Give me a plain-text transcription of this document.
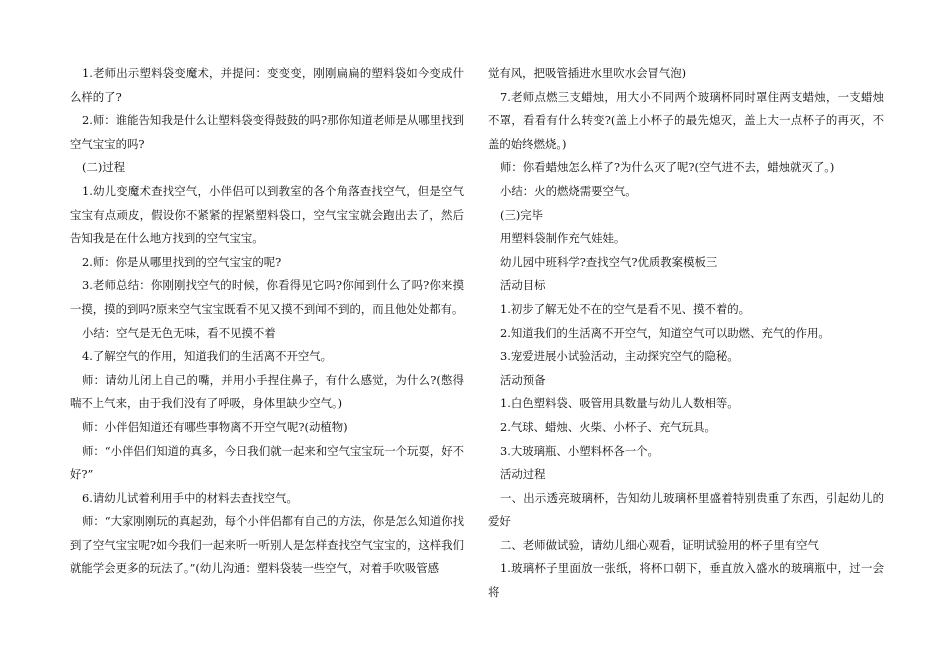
1.老师出示塑料袋变魔术，并提问：变变变，刚刚扁扁的塑料袋如今变成什么样的了?

2.师：谁能告知我是什么让塑料袋变得鼓鼓的吗?那你知道老师是从哪里找到空气宝宝的吗?

(二)过程

1.幼儿变魔术查找空气，小伴侣可以到教室的各个角落查找空气，但是空气宝宝有点顽皮，假设你不紧紧的捏紧塑料袋口，空气宝宝就会跑出去了，然后告知我是在什么地方找到的空气宝宝。

2.师：你是从哪里找到的空气宝宝的呢?

3.老师总结：你刚刚找空气的时候，你看得见它吗?你闻到什么了吗?你来摸一摸，摸的到吗?原来空气宝宝既看不见又摸不到闻不到的，而且他处处都有。

小结：空气是无色无味，看不见摸不着

4.了解空气的作用，知道我们的生活离不开空气。

师：请幼儿闭上自己的嘴，并用小手捏住鼻子，有什么感觉，为什么?(憋得喘不上气来，由于我们没有了呼吸，身体里缺少空气。)

师：小伴侣知道还有哪些事物离不开空气呢?(动植物)

师：“小伴侣们知道的真多，今日我们就一起来和空气宝宝玩一个玩耍，好不好?”

6.请幼儿试着利用手中的材料去查找空气。

师：“大家刚刚玩的真起劲，每个小伴侣都有自己的方法，你是怎么知道你找到了空气宝宝呢?如今我们一起来听一听别人是怎样查找空气宝宝的，这样我们就能学会更多的玩法了。”(幼儿沟通：塑料袋装一些空气，对着手吹吸管感

觉有风，把吸管插进水里吹水会冒气泡)

7.老师点燃三支蜡烛，用大小不同两个玻璃杯同时罩住两支蜡烛，一支蜡烛不罩，看看有什么转变?(盖上小杯子的最先熄灭，盖上大一点杯子的再灭，不盖的始终燃烧。)

师：你看蜡烛怎么样了?为什么灭了呢?(空气进不去，蜡烛就灭了。)

小结：火的燃烧需要空气。

(三)完毕

用塑料袋制作充气娃娃。

幼儿园中班科学?查找空气?优质教案模板三

活动目标

1.初步了解无处不在的空气是看不见、摸不着的。

2.知道我们的生活离不开空气，知道空气可以助燃、充气的作用。

3.宠爱进展小试验活动，主动探究空气的隐秘。

活动预备

1.白色塑料袋、吸管用具数量与幼儿人数相等。

2.气球、蜡烛、火柴、小杯子、充气玩具。

3.大玻璃瓶、小塑料杯各一个。

活动过程

一、出示透亮玻璃杯，告知幼儿玻璃杯里盛着特别贵重了东西，引起幼儿的爱好

二、老师做试验，请幼儿细心观看，证明试验用的杯子里有空气

1.玻璃杯子里面放一张纸，将杯口朝下，垂直放入盛水的玻璃瓶中，过一会将
